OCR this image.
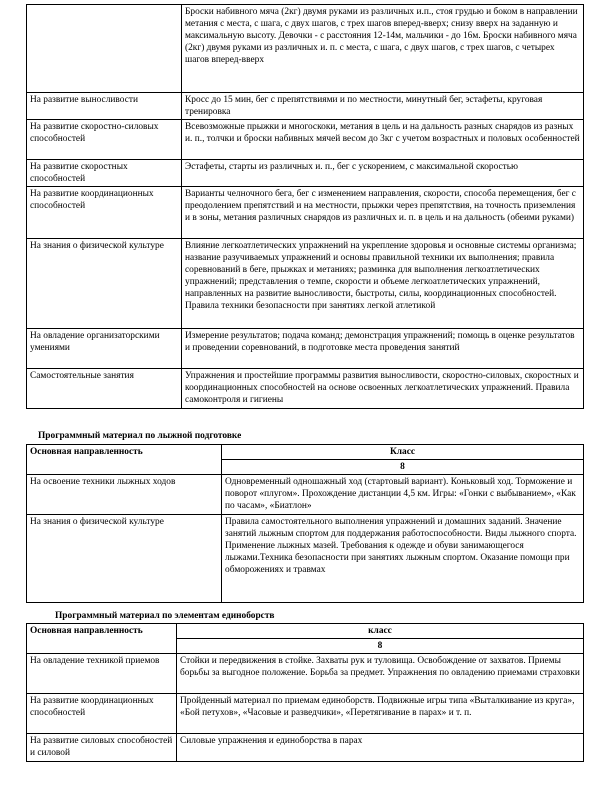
	Броски набивного мяча (2кг) двумя руками из различных и.п., стоя грудью и боком в направлении метания с места, с шага, с двух шагов, с трех шагов вперед-вверх; снизу вверх на заданную и максимальную высоту. Девочки - с расстояния 12-14м, мальчики - до 16м. Броски набивного мяча (2кг) двумя руками из различных и. п. с места, с шага, с двух шагов, с трех шагов, с четырех шагов вперед-вверх
На развитие выносливости	Кросс до 15 мин, бег с препятствиями и по местности, минутный бег, эстафеты, круговая тренировка
На развитие скоростно-силовых способностей	Всевозможные прыжки и многоскоки, метания в цель и на дальность разных снарядов из разных и. п., толчки и броски набивных мячей весом до 3кг с учетом возрастных и половых особенностей
На развитие скоростных способностей	Эстафеты, старты из различных и. п., бег с ускорением, с максимальной скоростью
На развитие координационных способностей	Варианты челночного бега, бег с изменением направления, скорости, способа перемещения, бег с преодолением препятствий и на местности, прыжки через препятствия, на точность приземления и в зоны, метания различных снарядов из различных и. п. в цель и на дальность (обеими руками)
На знания о физической культуре	Влияние легкоатлетических упражнений на укрепление здоровья и основные системы организма; название разучиваемых упражнений и основы правильной техники их выполнения; правила соревнований в беге, прыжках и метаниях; разминка для выполнения легкоатлетических упражнений; представления о темпе, скорости и объеме легкоатлетических упражнений, направленных на развитие выносливости, быстроты, силы, координационных способностей. Правила техники безопасности при занятиях легкой атлетикой
На овладение организаторскими умениями	Измерение результатов; подача команд; демонстрация упражнений; помощь в оценке результатов и проведении соревнований, в подготовке места проведения занятий
Самостоятельные занятия	Упражнения и простейшие программы развития выносливости, скоростно-силовых, скоростных и координационных способностей на основе освоенных легкоатлетических упражнений. Правила самоконтроля и гигиены
Программный материал по лыжной подготовке
Основная направленность	Класс
	8
На освоение техники лыжных ходов	Одновременный одношажный ход (стартовый вариант). Коньковый ход. Торможение и поворот «плугом». Прохождение дистанции 4,5 км. Игры: «Гонки с выбыванием», «Как по часам», «Биатлон»
На знания о физической культуре	Правила самостоятельного выполнения упражнений и домашних заданий. Значение занятий лыжным спортом для поддержания работоспособности. Виды лыжного спорта. Применение лыжных мазей. Требования к одежде и обуви занимающегося лыжами.Техника безопасности при занятиях лыжным спортом. Оказание помощи при обморожениях и травмах
Программный материал по элементам единоборств
Основная направленность	класс
	8
На овладение техникой приемов	Стойки и передвижения в стойке. Захваты рук и туловища. Освобождение от захватов. Приемы борьбы за выгодное положение. Борьба за предмет. Упражнения по овладению приемами страховки
На развитие координационных способностей	Пройденный материал по приемам единоборств. Подвижные игры типа «Выталкивание из круга», «Бой петухов», «Часовые и разведчики», «Перетягивание в парах» и т. п.
На развитие силовых способностей и силовой	Силовые упражнения и единоборства в парах
